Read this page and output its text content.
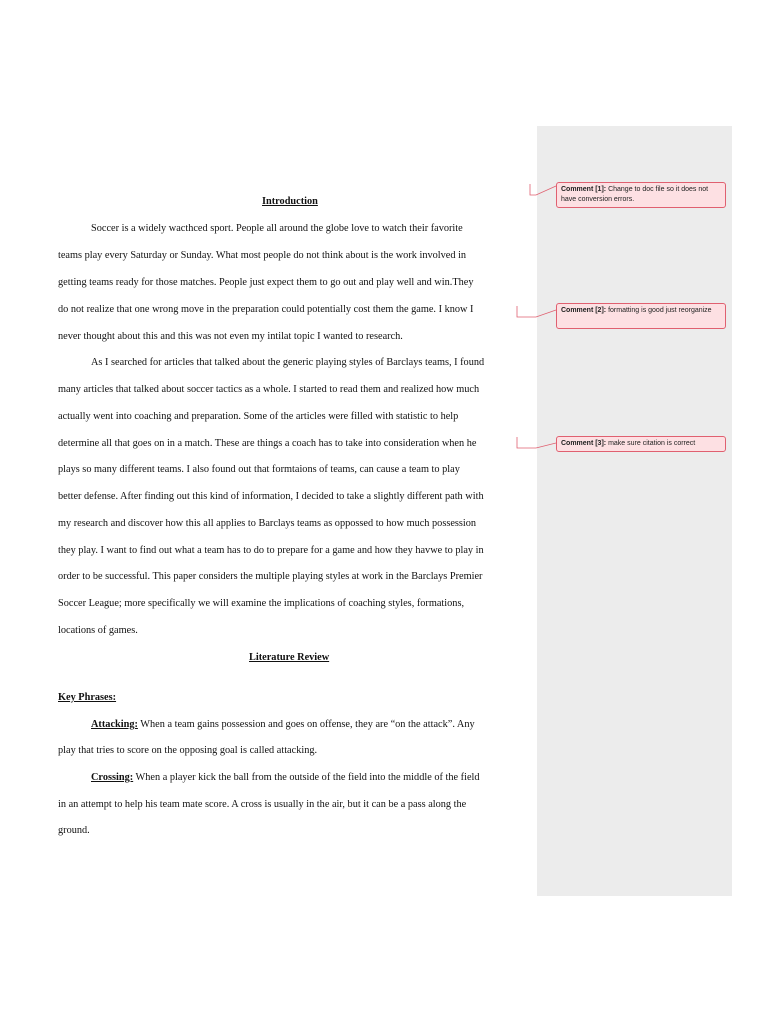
Introduction
Soccer is a widely wacthced sport. People all around the globe love to watch their favorite
teams play every Saturday or Sunday. What most people do not think about is the work involved in
getting teams ready for those matches. People just expect them to go out and play well and win.They
do not realize that one wrong move in the preparation could potentially cost them the game. I know I
never thought about this and this was not even my intilat topic I wanted to research.
As I searched for articles that talked about the generic playing styles of Barclays teams, I found
many articles that talked about soccer tactics as a whole. I started to read them and realized how much
actually went into coaching and preparation. Some of the articles were filled with statistic to help
determine all that goes on in a match. These are things a coach has to take into consideration when he
plays so many different teams. I also found out that formtaions of teams, can cause a team to play
better defense. After finding out this kind of information, I decided to take a slightly different path with
my research and discover how this all applies to Barclays teams as oppossed to how much possession
they play. I want to find out what a team has to do to prepare for a game and how they havwe to play in
order to be successful. This paper considers the multiple playing styles at work in the Barclays Premier
Soccer League; more specifically we will examine the implications of coaching styles, formations,
locations of games.
Literature Review
Key Phrases:
Attacking: When a team gains possession and goes on offense, they are “on the attack”. Any
play that tries to score on the opposing goal is called attacking.
Crossing: When a player kick the ball from the outside of the field into the middle of the field
in an attempt to help his team mate score. A cross is usually in the air, but it can be a pass along the
ground.
Comment [1]: Change to doc file so it does not have conversion errors.
Comment [2]: formatting is good just reorganize
Comment [3]: make sure citation is correct
